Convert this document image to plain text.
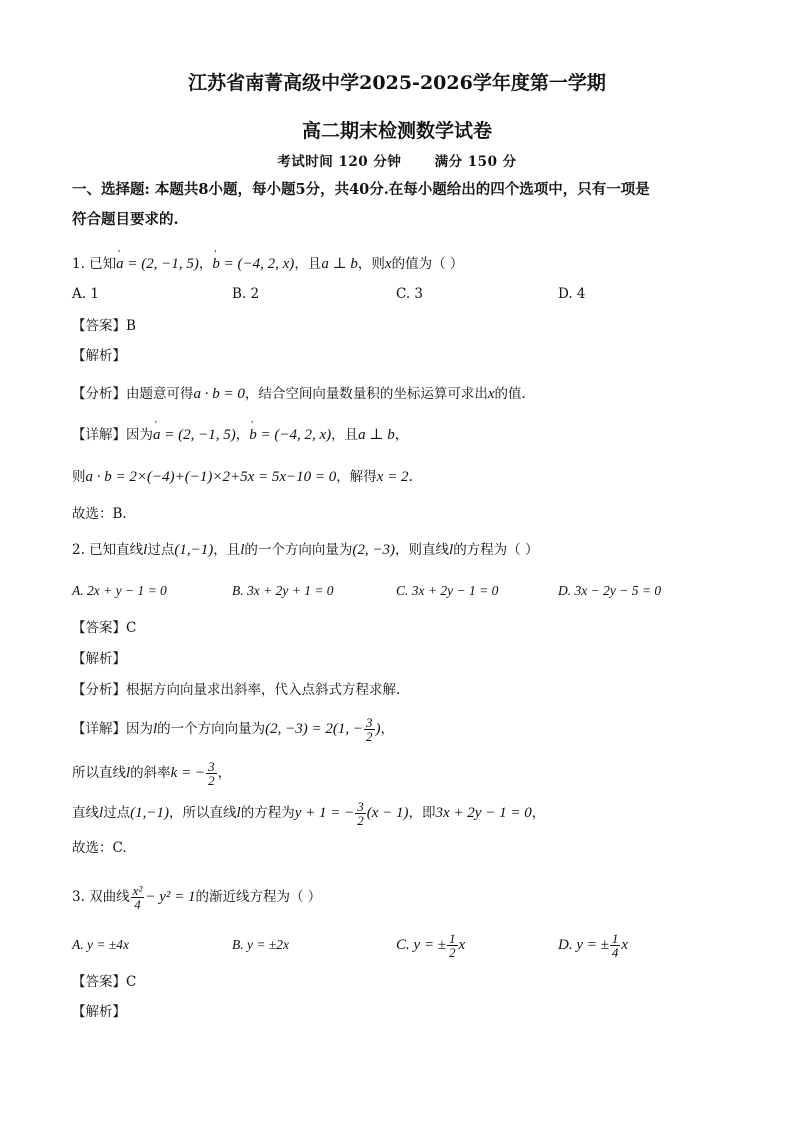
江苏省南菁高级中学2025-2026学年度第一学期
高二期末检测数学试卷
考试时间 120 分钟 满分 150 分
一、选择题: 本题共8小题，每小题5分，共40分.在每小题给出的四个选项中，只有一项是
符合题目要求的.
1. 已知' a = (2, −1, 5)，' b = (−4, 2, x)，且a ⊥ b，则x的值为（ ）
A. 1	B. 2	C. 3	D. 4
【答案】B
【解析】
【分析】由题意可得a · b = 0，结合空间向量数量积的坐标运算可求出x的值.
【详解】因为' a = (2, −1, 5)，' b = (−4, 2, x)，且a ⊥ b，
则a · b = 2×(−4)+(−1)×2+5x = 5x−10 = 0，解得x = 2.
故选：B.
2. 已知直线l过点(1,−1)，且l的一个方向向量为(2, −3)，则直线l的方程为（ ）
A. 2x + y − 1 = 0	B. 3x + 2y + 1 = 0	C. 3x + 2y − 1 = 0	D. 3x − 2y − 5 = 0
【答案】C
【解析】
【分析】根据方向向量求出斜率，代入点斜式方程求解.
【详解】因为l的一个方向向量为(2, −3) = 2(1, − $\frac{3}{2}$ )，
所以直线l的斜率k = − $\frac{3}{2}$ ，
直线l过点(1,−1)，所以直线l的方程为y + 1 = − $\frac{3}{2} (x - 1)$，即3x + 2y − 1 = 0，
故选：C.
3. 双曲线 $\frac{\text{x²}}{4} - y^2 = 1$的渐近线方程为（ ）
A. y = ±4x	B. y = ±2x	C. y = ± $\frac{1}{2}$ x	D. y = ± $\frac{1}{4}$ x
【答案】C
【解析】
